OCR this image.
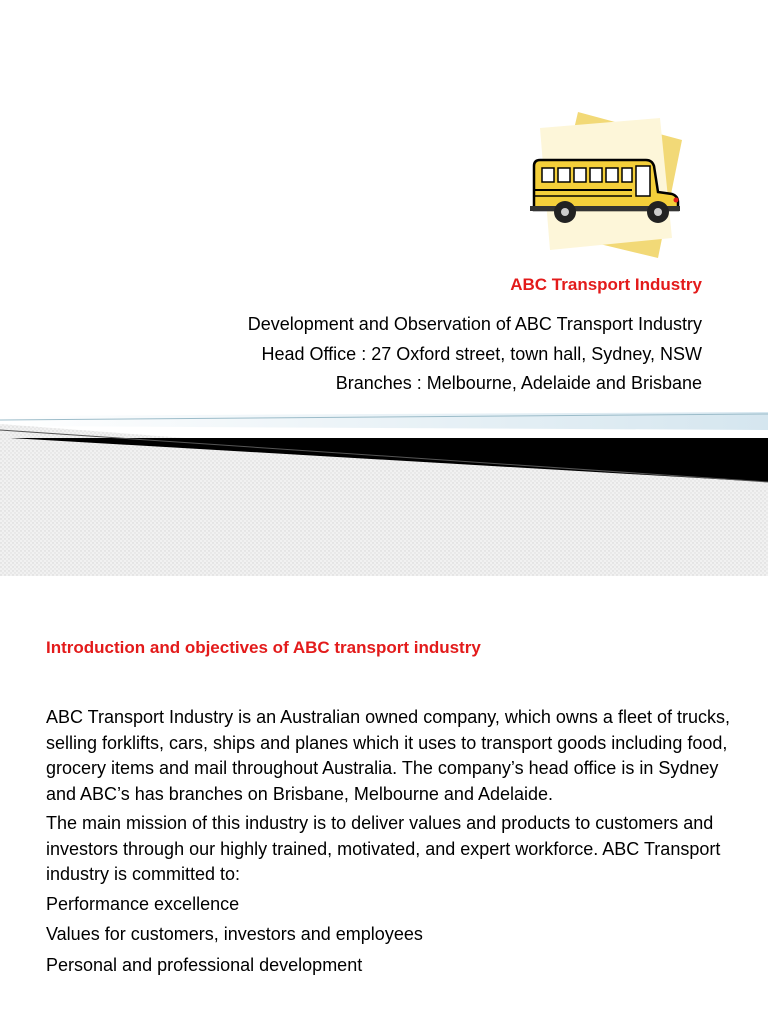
ABC Transport Industry
Development and Observation of ABC Transport Industry
Head Office : 27 Oxford street, town hall, Sydney, NSW
Branches : Melbourne, Adelaide and Brisbane
Introduction and objectives of ABC transport industry

ABC Transport Industry is an Australian owned company, which owns a fleet of trucks, selling forklifts, cars, ships and planes which it uses to transport goods including food, grocery items and mail throughout Australia. The company’s head office is in Sydney and ABC’s has branches on Brisbane, Melbourne and Adelaide.

The main mission of this industry is to deliver values and products to customers and investors through our highly trained, motivated, and expert workforce. ABC Transport industry is committed to:

Performance excellence
Values for customers, investors and employees
Personal and professional development
